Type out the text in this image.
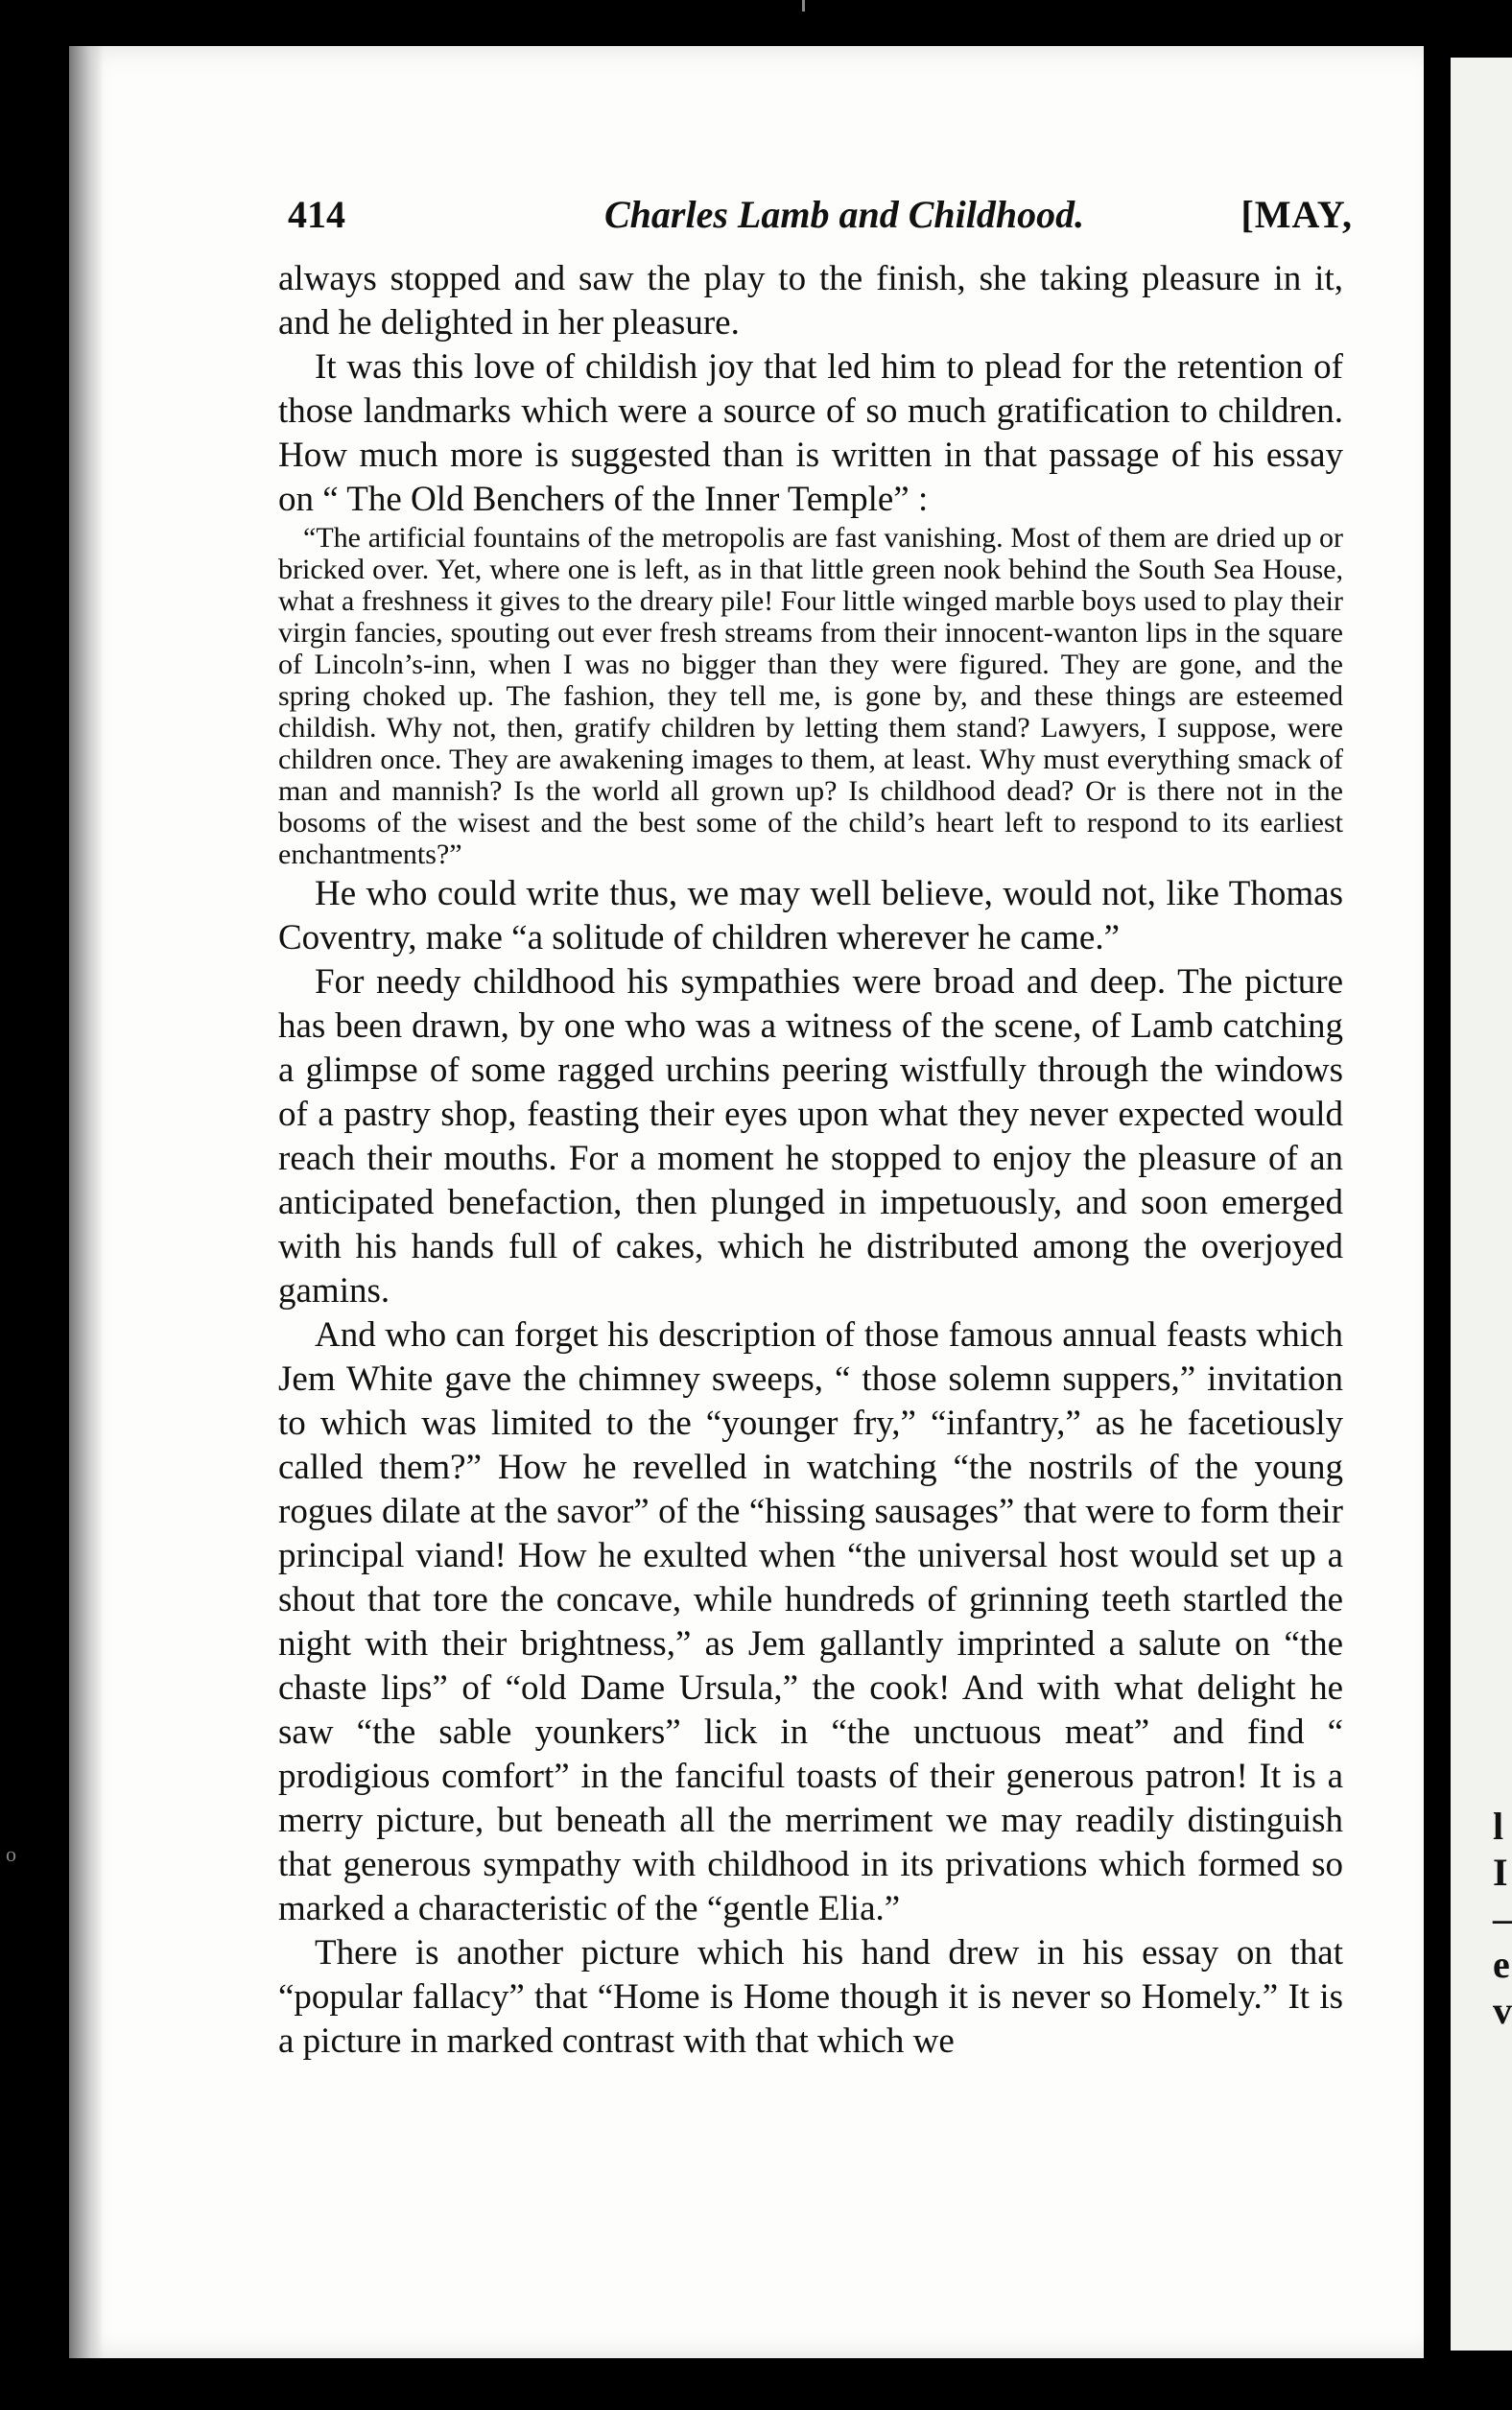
l
I
–
e
v
o
414	Charles Lamb and Childhood.	[MAY,

always stopped and saw the play to the finish, she taking pleasure in it, and he delighted in her pleasure.

It was this love of childish joy that led him to plead for the retention of those landmarks which were a source of so much gratification to children. How much more is suggested than is written in that passage of his essay on “ The Old Benchers of the Inner Temple” :

“The artificial fountains of the metropolis are fast vanishing. Most of them are dried up or bricked over. Yet, where one is left, as in that little green nook behind the South Sea House, what a freshness it gives to the dreary pile! Four little winged marble boys used to play their virgin fancies, spouting out ever fresh streams from their innocent-wanton lips in the square of Lincoln’s-inn, when I was no bigger than they were figured. They are gone, and the spring choked up. The fashion, they tell me, is gone by, and these things are esteemed childish. Why not, then, gratify children by letting them stand? Lawyers, I suppose, were children once. They are awakening images to them, at least. Why must everything smack of man and mannish? Is the world all grown up? Is childhood dead? Or is there not in the bosoms of the wisest and the best some of the child’s heart left to respond to its earliest enchantments?”

He who could write thus, we may well believe, would not, like Thomas Coventry, make “a solitude of children wherever he came.”

For needy childhood his sympathies were broad and deep. The picture has been drawn, by one who was a witness of the scene, of Lamb catching a glimpse of some ragged urchins peering wistfully through the windows of a pastry shop, feasting their eyes upon what they never expected would reach their mouths. For a moment he stopped to enjoy the pleasure of an anticipated benefaction, then plunged in impetuously, and soon emerged with his hands full of cakes, which he distributed among the overjoyed gamins.

And who can forget his description of those famous annual feasts which Jem White gave the chimney sweeps, “ those solemn suppers,” invitation to which was limited to the “younger fry,” “infantry,” as he facetiously called them?” How he revelled in watching “the nostrils of the young rogues dilate at the savor” of the “hissing sausages” that were to form their principal viand! How he exulted when “the universal host would set up a shout that tore the concave, while hundreds of grinning teeth startled the night with their brightness,” as Jem gallantly imprinted a salute on “the chaste lips” of “old Dame Ursula,” the cook! And with what delight he saw “the sable younkers” lick in “the unctuous meat” and find “ prodigious comfort” in the fanciful toasts of their generous patron! It is a merry picture, but beneath all the merriment we may readily distinguish that generous sympathy with childhood in its privations which formed so marked a characteristic of the “gentle Elia.”

There is another picture which his hand drew in his essay on that “popular fallacy” that “Home is Home though it is never so Homely.” It is a picture in marked contrast with that which we
